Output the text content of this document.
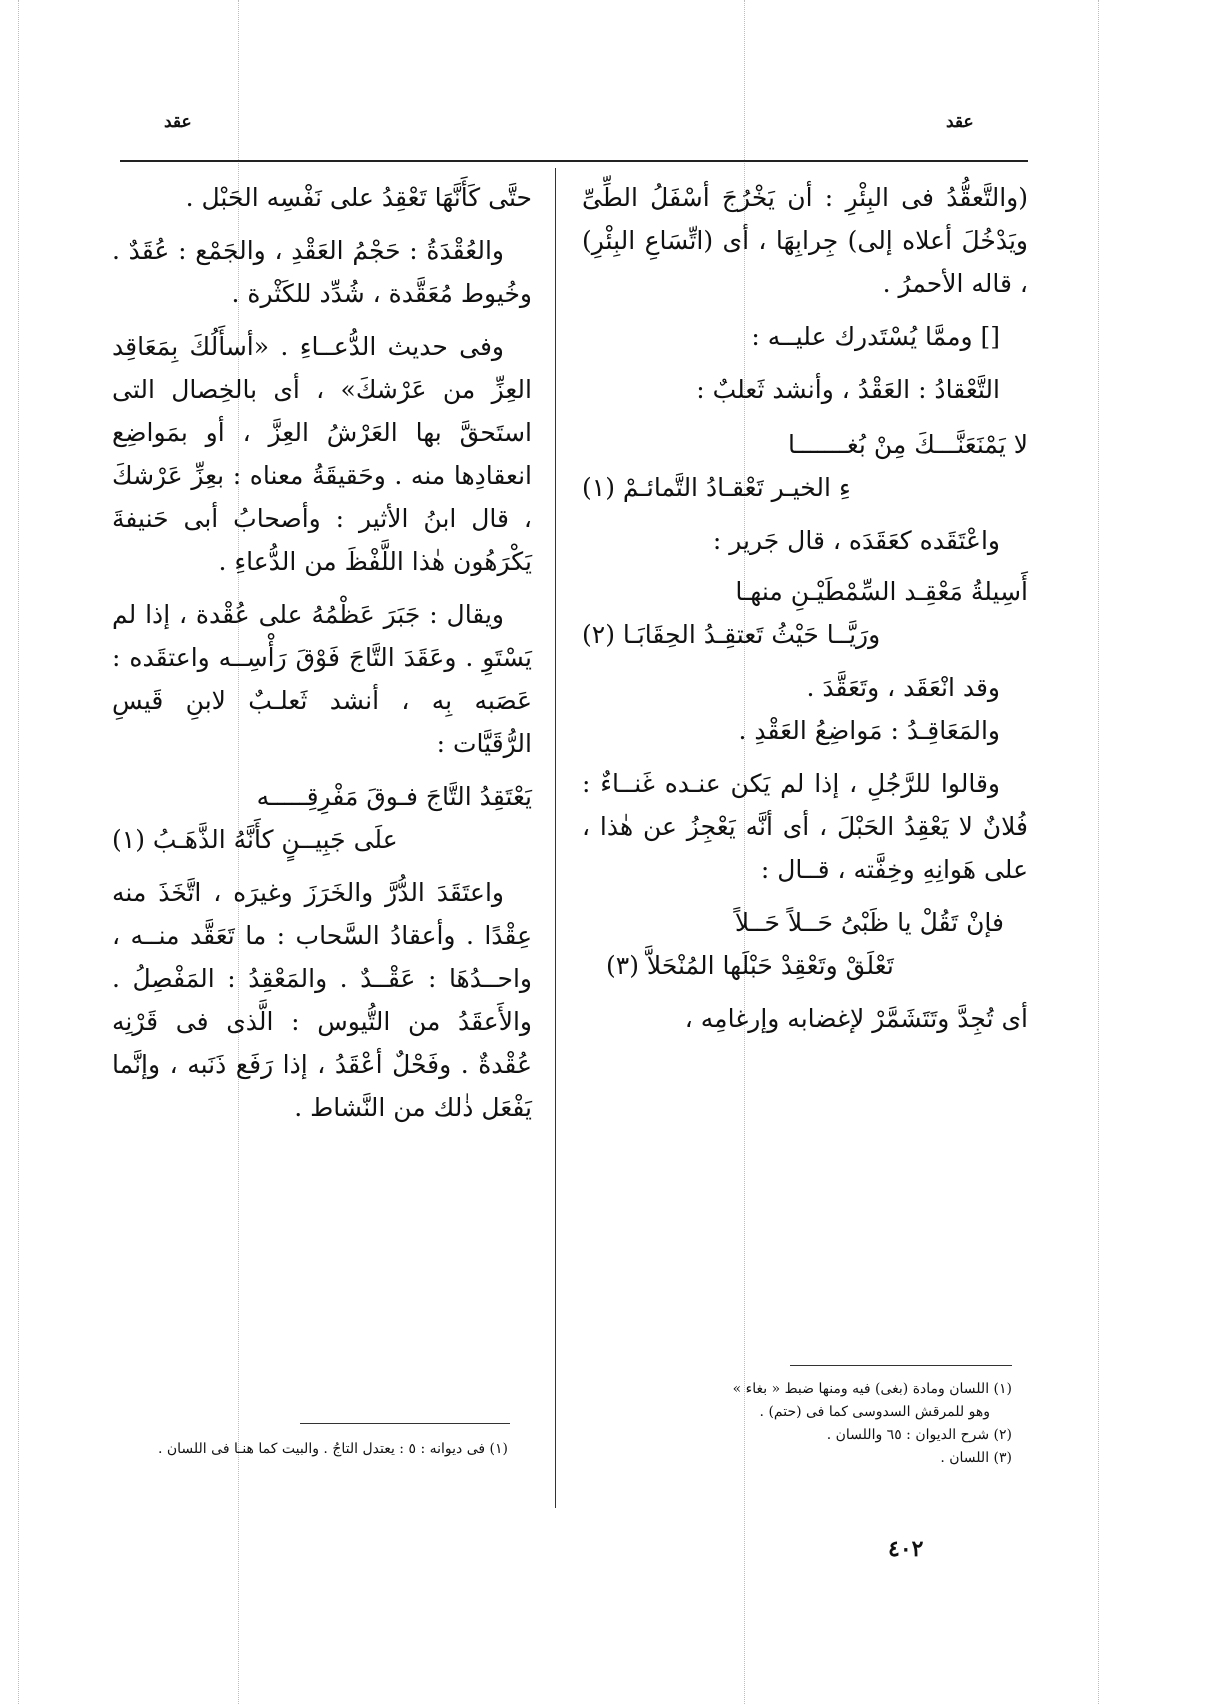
عقد	عقد

(والتَّعقُّدُ فى البِئْرِ : أن يَخْرُجَ أسْفَلُ الطِّىِّ ويَدْخُلَ أعلاه إلى) جِرابِهَا ، أى (اتِّسَاعِ البِئْرِ) ، قاله الأحمرُ .

[] وممَّا يُسْتَدرك عليــه :

التَّعْقادُ : العَقْدُ ، وأنشد ثَعلبٌ :

لا يَمْنَعَنَّـــكَ مِنْ بُغـــــــا

ءِ الخيـر تَعْقـادُ التَّمائـمْ (١)

واعْتَقَده كعَقَدَه ، قال جَرير :

أَسِيلةُ مَعْقِـد السِّمْطَيْـنِ منهـا

ورَيَّــا حَيْثُ تَعتقِـدُ الحِقَابَـا (٢)

وقد انْعَقَد ، وتَعَقَّدَ .

والمَعَاقِـدُ : مَواضِعُ العَقْدِ .

وقالوا للرَّجُلِ ، إذا لم يَكن عنـده غَنــاءٌ : فُلانٌ لا يَعْقِدُ الحَبْلَ ، أى أنَّه يَعْجِزُ عن هٰذا ، على هَوانِهِ وخِفَّته ، قــال :

فإنْ تَقُلْ يا ظَبْىُ حَــلاً حَــلاً

تَعْلَقْ وتَعْقِدْ حَبْلَها المُنْحَلاَّ (٣)

أى تُجِدَّ وتَتَشَمَّرْ لإغضابه وإرغامِه ،

(١) اللسان ومادة (بغى) فيه ومنها ضبط « بغاء »

وهو للمرقش السدوسى كما فى (حتم) .

(٢) شرح الديوان : ٦٥ واللسان .

(٣) اللسان .

حتَّى كَأَنَّهَا تَعْقِدُ على نَفْسِه الحَبْل .

والعُقْدَةُ : حَجْمُ العَقْدِ ، والجَمْع : عُقَدٌ . وخُيوط مُعَقَّدة ، شُدِّد للكَثْرة .

وفى حديث الدُّعــاءِ . «أسأَلُكَ بِمَعَاقِد العِزِّ من عَرْشكَ» ، أى بالخِصال التى استَحقَّ بها العَرْشُ العِزَّ ، أو بمَواضِع انعقادِها منه . وحَقيقَةُ معناه : بعِزِّ عَرْشكَ ، قال ابنُ الأثير : وأصحابُ أبى حَنيفةَ يَكْرَهُون هٰذا اللَّفْظَ من الدُّعاءِ .

ويقال : جَبَرَ عَظْمُهُ على عُقْدة ، إذا لم يَسْتَوِ . وعَقَدَ التَّاجَ فَوْقَ رَأْسِــه واعتقَده : عَصَبه بِه ، أنشد ثَعلـبٌ لابنِ قَيسِ الرُّقَيَّات :

يَعْتَقِدُ التَّاجَ فـوقَ مَفْرِقِـــــه

علَى جَبِيــنٍ كأَنَّهُ الذَّهَـبُ (١)

واعتَقَدَ الدُّرَّ والخَرَزَ وغيرَه ، اتَّخَذَ منه عِقْدًا . وأعقادُ السَّحاب : ما تَعَقَّد منــه ، واحــدُهَا : عَقْــدٌ . والمَعْقِدُ : المَفْصِلُ . والأَعقَدُ من التُّيوس : الَّذى فى قَرْنِه عُقْدةٌ . وفَحْلٌ أعْقَدُ ، إذا رَفَع ذَنَبه ، وإنَّما يَفْعَل ذٰلك من النَّشاط .

(١) فى ديوانه : ٥ : يعتدل التاجُ . والبيت كما هنـا فى اللسان .

٤٠٢
